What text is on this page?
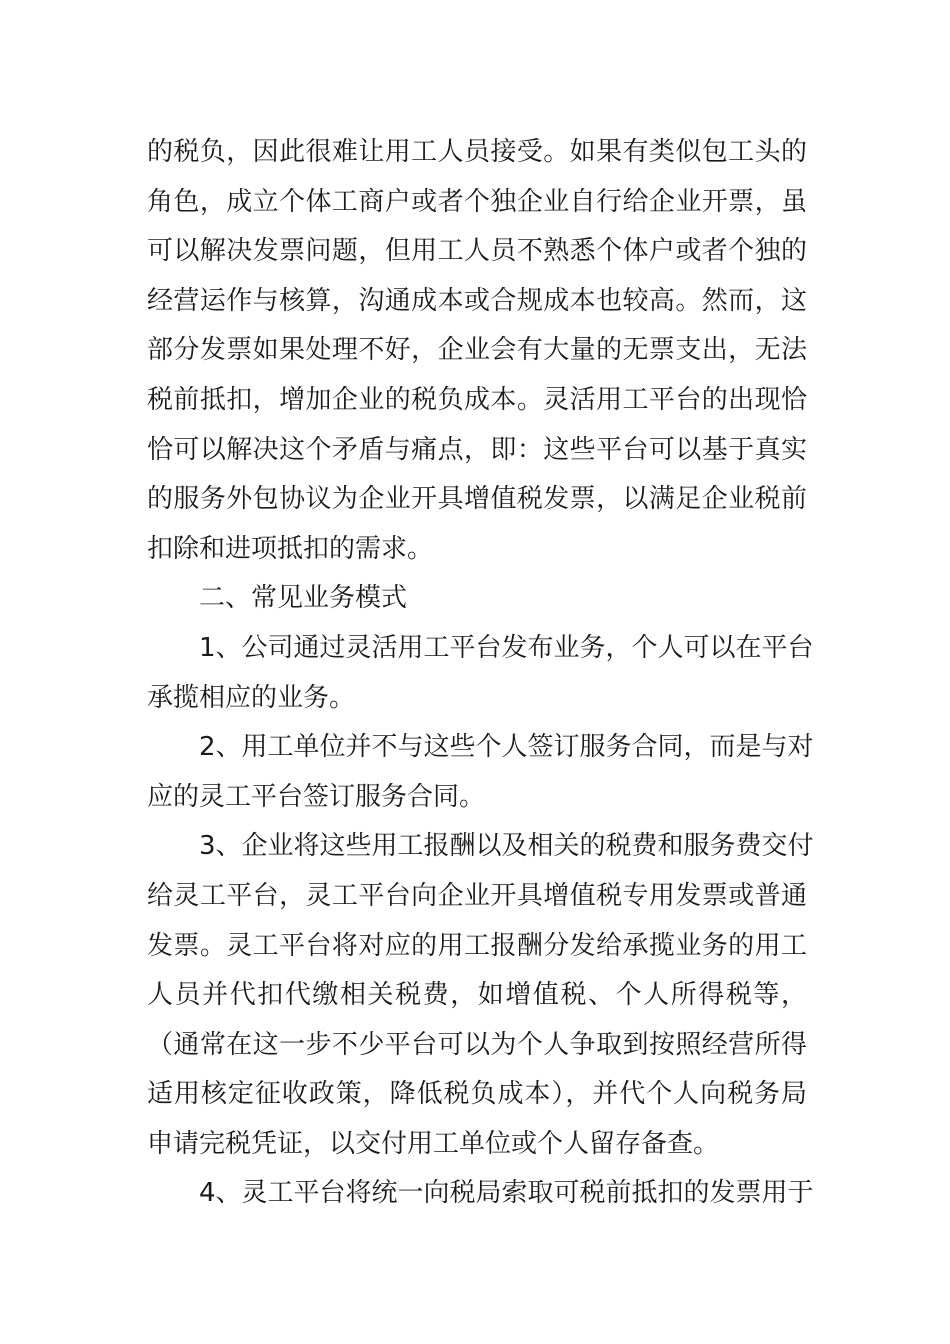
的税负，因此很难让用工人员接受。如果有类似包工头的
角色，成立个体工商户或者个独企业自行给企业开票，虽
可以解决发票问题，但用工人员不熟悉个体户或者个独的
经营运作与核算，沟通成本或合规成本也较高。然而，这
部分发票如果处理不好，企业会有大量的无票支出，无法
税前抵扣，增加企业的税负成本。灵活用工平台的出现恰
恰可以解决这个矛盾与痛点，即：这些平台可以基于真实
的服务外包协议为企业开具增值税发票，以满足企业税前
扣除和进项抵扣的需求。
二、常见业务模式
1、公司通过灵活用工平台发布业务，个人可以在平台
承揽相应的业务。
2、用工单位并不与这些个人签订服务合同，而是与对
应的灵工平台签订服务合同。
3、企业将这些用工报酬以及相关的税费和服务费交付
给灵工平台，灵工平台向企业开具增值税专用发票或普通
发票。灵工平台将对应的用工报酬分发给承揽业务的用工
人员并代扣代缴相关税费，如增值税、个人所得税等，
（通常在这一步不少平台可以为个人争取到按照经营所得
适用核定征收政策，降低税负成本），并代个人向税务局
申请完税凭证，以交付用工单位或个人留存备查。
4、灵工平台将统一向税局索取可税前抵扣的发票用于
